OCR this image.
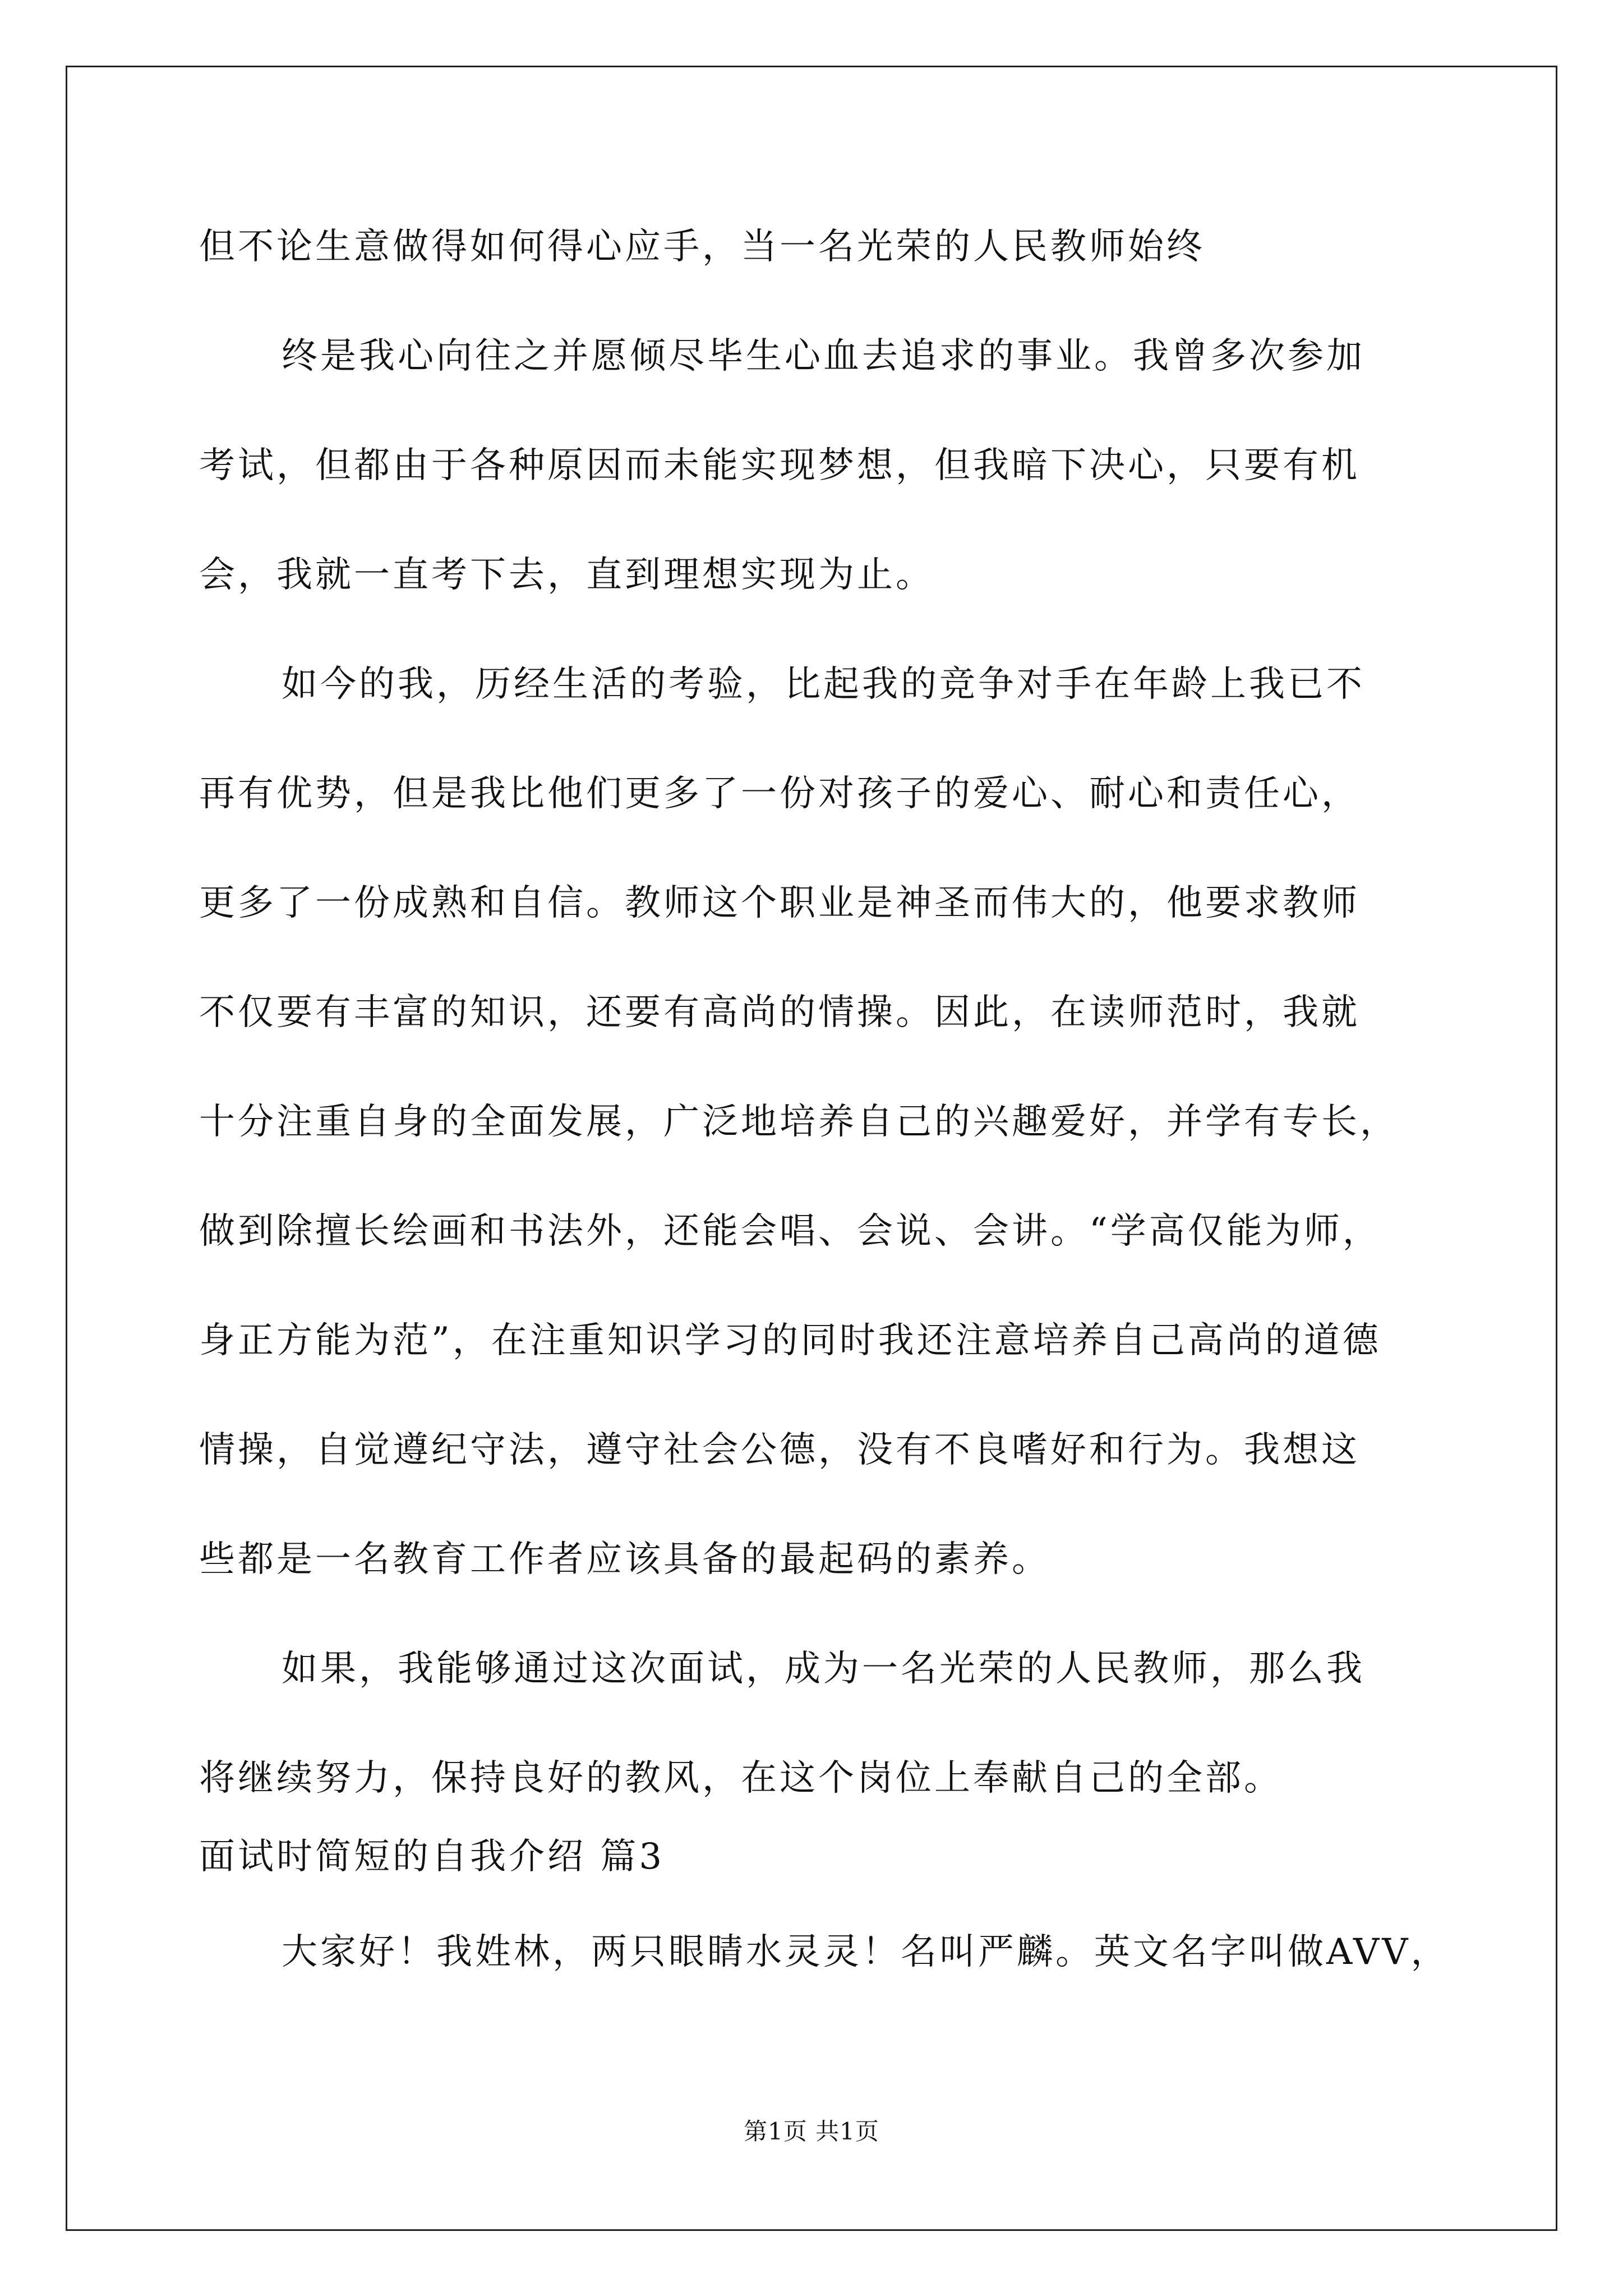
但不论生意做得如何得心应手，当一名光荣的人民教师始终

终是我心向往之并愿倾尽毕生心血去追求的事业。我曾多次参加

考试，但都由于各种原因而未能实现梦想，但我暗下决心，只要有机

会，我就一直考下去，直到理想实现为止。

如今的我，历经生活的考验，比起我的竞争对手在年龄上我已不

再有优势，但是我比他们更多了一份对孩子的爱心、耐心和责任心，

更多了一份成熟和自信。教师这个职业是神圣而伟大的，他要求教师

不仅要有丰富的知识，还要有高尚的情操。因此，在读师范时，我就

十分注重自身的全面发展，广泛地培养自己的兴趣爱好，并学有专长，

做到除擅长绘画和书法外，还能会唱、会说、会讲。“学高仅能为师，

身正方能为范”，在注重知识学习的同时我还注意培养自己高尚的道德

情操，自觉遵纪守法，遵守社会公德，没有不良嗜好和行为。我想这

些都是一名教育工作者应该具备的最起码的素养。

如果，我能够通过这次面试，成为一名光荣的人民教师，那么我

将继续努力，保持良好的教风，在这个岗位上奉献自己的全部。

面试时简短的自我介绍 篇3

大家好！我姓林，两只眼睛水灵灵！名叫严麟。英文名字叫做AVV，

第1页 共1页
